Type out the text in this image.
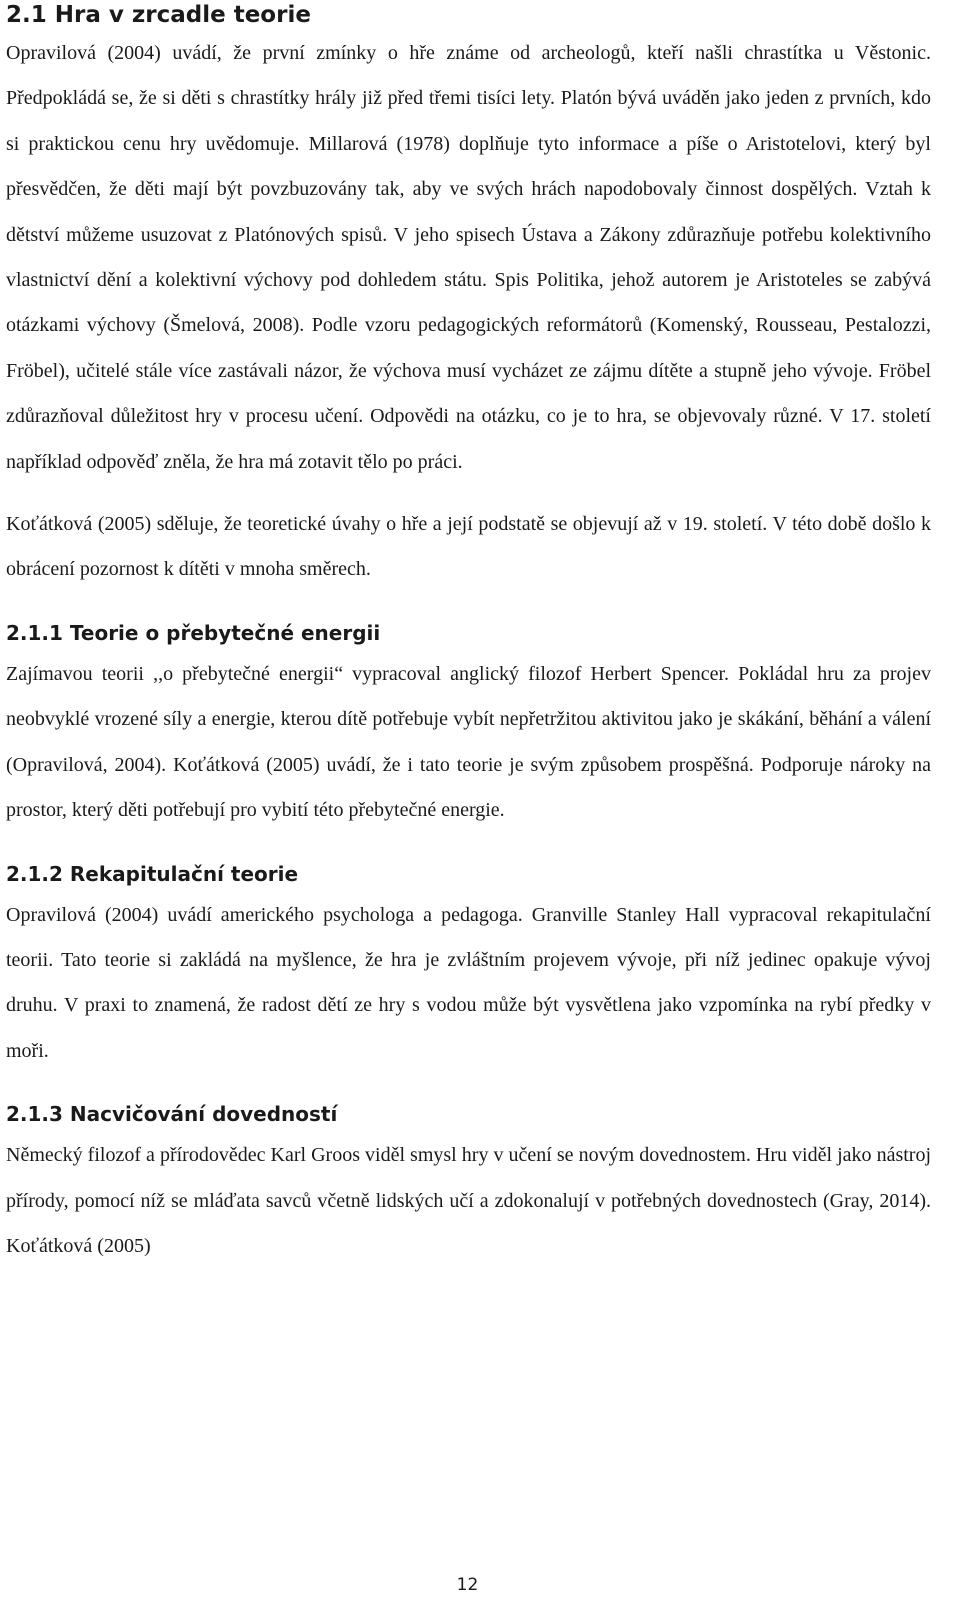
2.1 Hra v zrcadle teorie

Opravilová (2004) uvádí, že první zmínky o hře známe od archeologů, kteří našli chrastítka u Věstonic. Předpokládá se, že si děti s chrastítky hrály již před třemi tisíci lety. Platón bývá uváděn jako jeden z prvních, kdo si praktickou cenu hry uvědomuje. Millarová (1978) doplňuje tyto informace a píše o Aristotelovi, který byl přesvědčen, že děti mají být povzbuzovány tak, aby ve svých hrách napodobovaly činnost dospělých. Vztah k dětství můžeme usuzovat z Platónových spisů. V jeho spisech Ústava a Zákony zdůrazňuje potřebu kolektivního vlastnictví dění a kolektivní výchovy pod dohledem státu. Spis Politika, jehož autorem je Aristoteles se zabývá otázkami výchovy (Šmelová, 2008). Podle vzoru pedagogických reformátorů (Komenský, Rousseau, Pestalozzi, Fröbel), učitelé stále více zastávali názor, že výchova musí vycházet ze zájmu dítěte a stupně jeho vývoje. Fröbel zdůrazňoval důležitost hry v procesu učení. Odpovědi na otázku, co je to hra, se objevovaly různé. V 17. století například odpověď zněla, že hra má zotavit tělo po práci.

Koťátková (2005) sděluje, že teoretické úvahy o hře a její podstatě se objevují až v 19. století. V této době došlo k obrácení pozornost k dítěti v mnoha směrech.

2.1.1 Teorie o přebytečné energii

Zajímavou teorii ,,o přebytečné energii“ vypracoval anglický filozof Herbert Spencer. Pokládal hru za projev neobvyklé vrozené síly a energie, kterou dítě potřebuje vybít nepřetržitou aktivitou jako je skákání, běhání a válení (Opravilová, 2004). Koťátková (2005) uvádí, že i tato teorie je svým způsobem prospěšná. Podporuje nároky na prostor, který děti potřebují pro vybití této přebytečné energie.

2.1.2 Rekapitulační teorie

Opravilová (2004) uvádí amerického psychologa a pedagoga. Granville Stanley Hall vypracoval rekapitulační teorii. Tato teorie si zakládá na myšlence, že hra je zvláštním projevem vývoje, při níž jedinec opakuje vývoj druhu. V praxi to znamená, že radost dětí ze hry s vodou může být vysvětlena jako vzpomínka na rybí předky v moři.

2.1.3 Nacvičování dovedností

Německý filozof a přírodovědec Karl Groos viděl smysl hry v učení se novým dovednostem. Hru viděl jako nástroj přírody, pomocí níž se mláďata savců včetně lidských učí a zdokonalují v potřebných dovednostech (Gray, 2014). Koťátková (2005)

12
